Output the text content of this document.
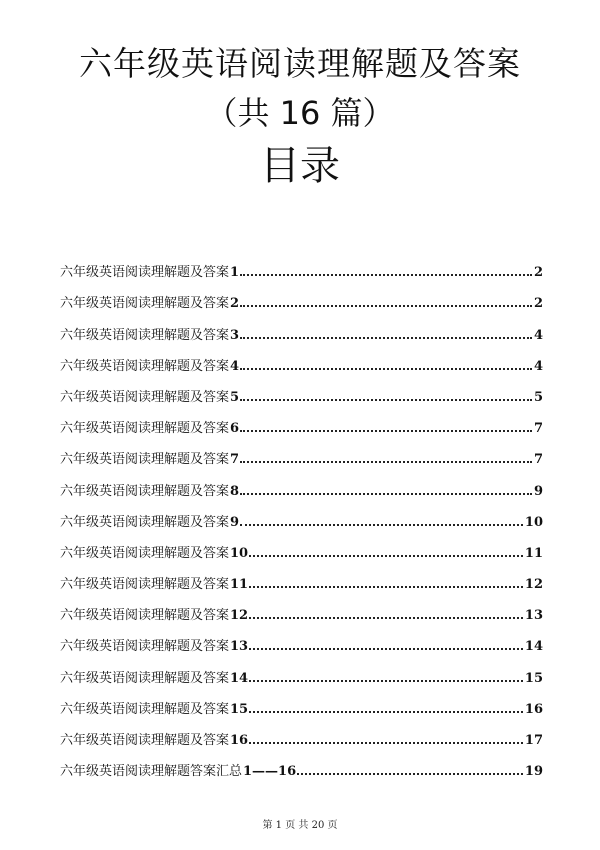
六年级英语阅读理解题及答案
（共 16 篇）
目录
六年级英语阅读理解题及答案 1	2
六年级英语阅读理解题及答案 2	2
六年级英语阅读理解题及答案 3	4
六年级英语阅读理解题及答案 4	4
六年级英语阅读理解题及答案 5	5
六年级英语阅读理解题及答案 6	7
六年级英语阅读理解题及答案 7	7
六年级英语阅读理解题及答案 8	9
六年级英语阅读理解题及答案 9	10
六年级英语阅读理解题及答案 10	11
六年级英语阅读理解题及答案 11	12
六年级英语阅读理解题及答案 12	13
六年级英语阅读理解题及答案 13	14
六年级英语阅读理解题及答案 14	15
六年级英语阅读理解题及答案 15	16
六年级英语阅读理解题及答案 16	17
六年级英语阅读理解题答案汇总 1——16	19
第 1 页 共 20 页
